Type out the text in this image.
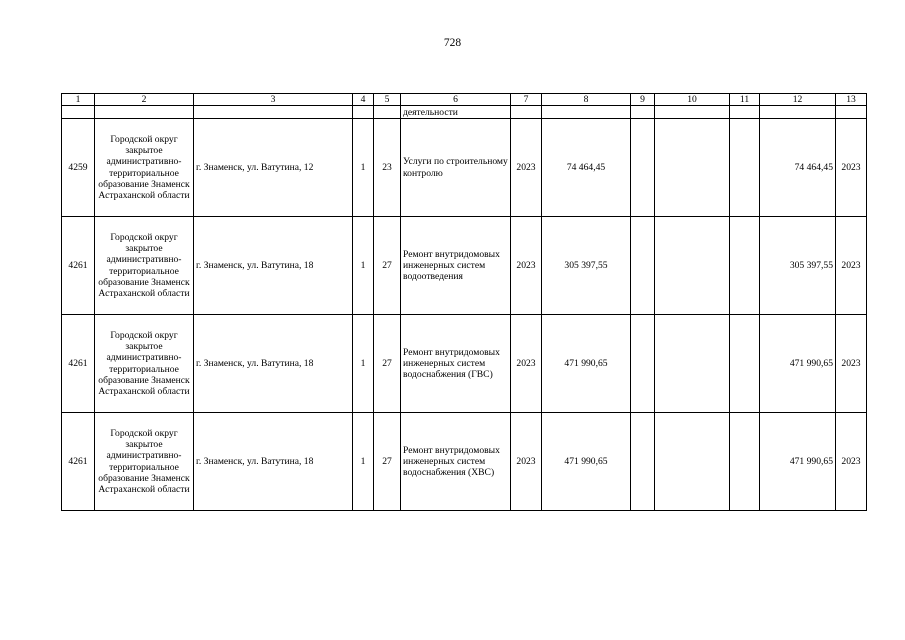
728
1	2	3	4	5	6	7	8	9	10	11	12	13
					деятельности							
4259	Городской округ закрытое административно-территориальное образование Знаменск Астраханской области	г. Знаменск, ул. Ватутина, 12	1	23	Услуги по строительному контролю	2023	74 464,45				74 464,45	2023
4261	Городской округ закрытое административно-территориальное образование Знаменск Астраханской области	г. Знаменск, ул. Ватутина, 18	1	27	Ремонт внутридомовых инженерных систем водоотведения	2023	305 397,55				305 397,55	2023
4261	Городской округ закрытое административно-территориальное образование Знаменск Астраханской области	г. Знаменск, ул. Ватутина, 18	1	27	Ремонт внутридомовых инженерных систем водоснабжения (ГВС)	2023	471 990,65				471 990,65	2023
4261	Городской округ закрытое административно-территориальное образование Знаменск Астраханской области	г. Знаменск, ул. Ватутина, 18	1	27	Ремонт внутридомовых инженерных систем водоснабжения (ХВС)	2023	471 990,65				471 990,65	2023
